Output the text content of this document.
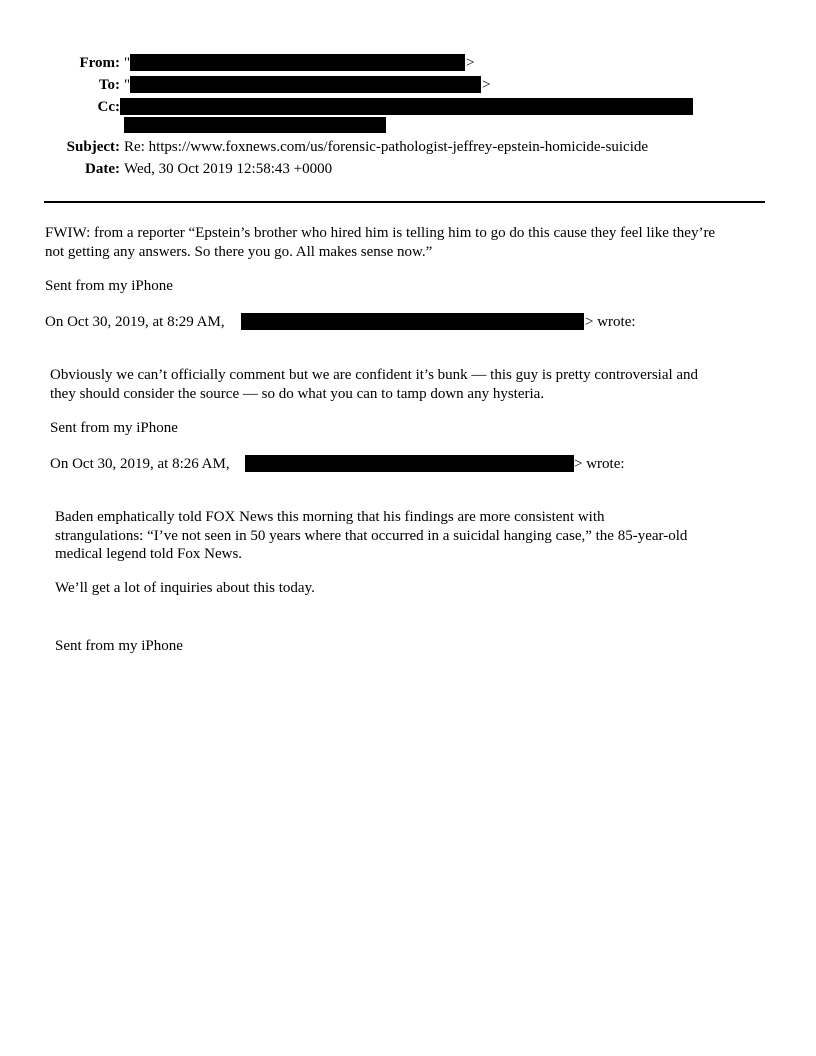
From: "	>
To: "	>
Cc:
Subject: Re: https://www.foxnews.com/us/forensic-pathologist-jeffrey-epstein-homicide-suicide
Date: Wed, 30 Oct 2019 12:58:43 +0000
FWIW: from a reporter “Epstein’s brother who hired him is telling him to go do this cause they feel like they’re
not getting any answers. So there you go. All makes sense now.”
Sent from my iPhone
On Oct 30, 2019, at 8:29 AM,	> wrote:
Obviously we can’t officially comment but we are confident it’s bunk — this guy is pretty controversial and
they should consider the source — so do what you can to tamp down any hysteria.
Sent from my iPhone
On Oct 30, 2019, at 8:26 AM,	> wrote:
Baden emphatically told FOX News this morning that his findings are more consistent with
strangulations: “I’ve not seen in 50 years where that occurred in a suicidal hanging case,” the 85-year-old
medical legend told Fox News.
We’ll get a lot of inquiries about this today.
Sent from my iPhone
